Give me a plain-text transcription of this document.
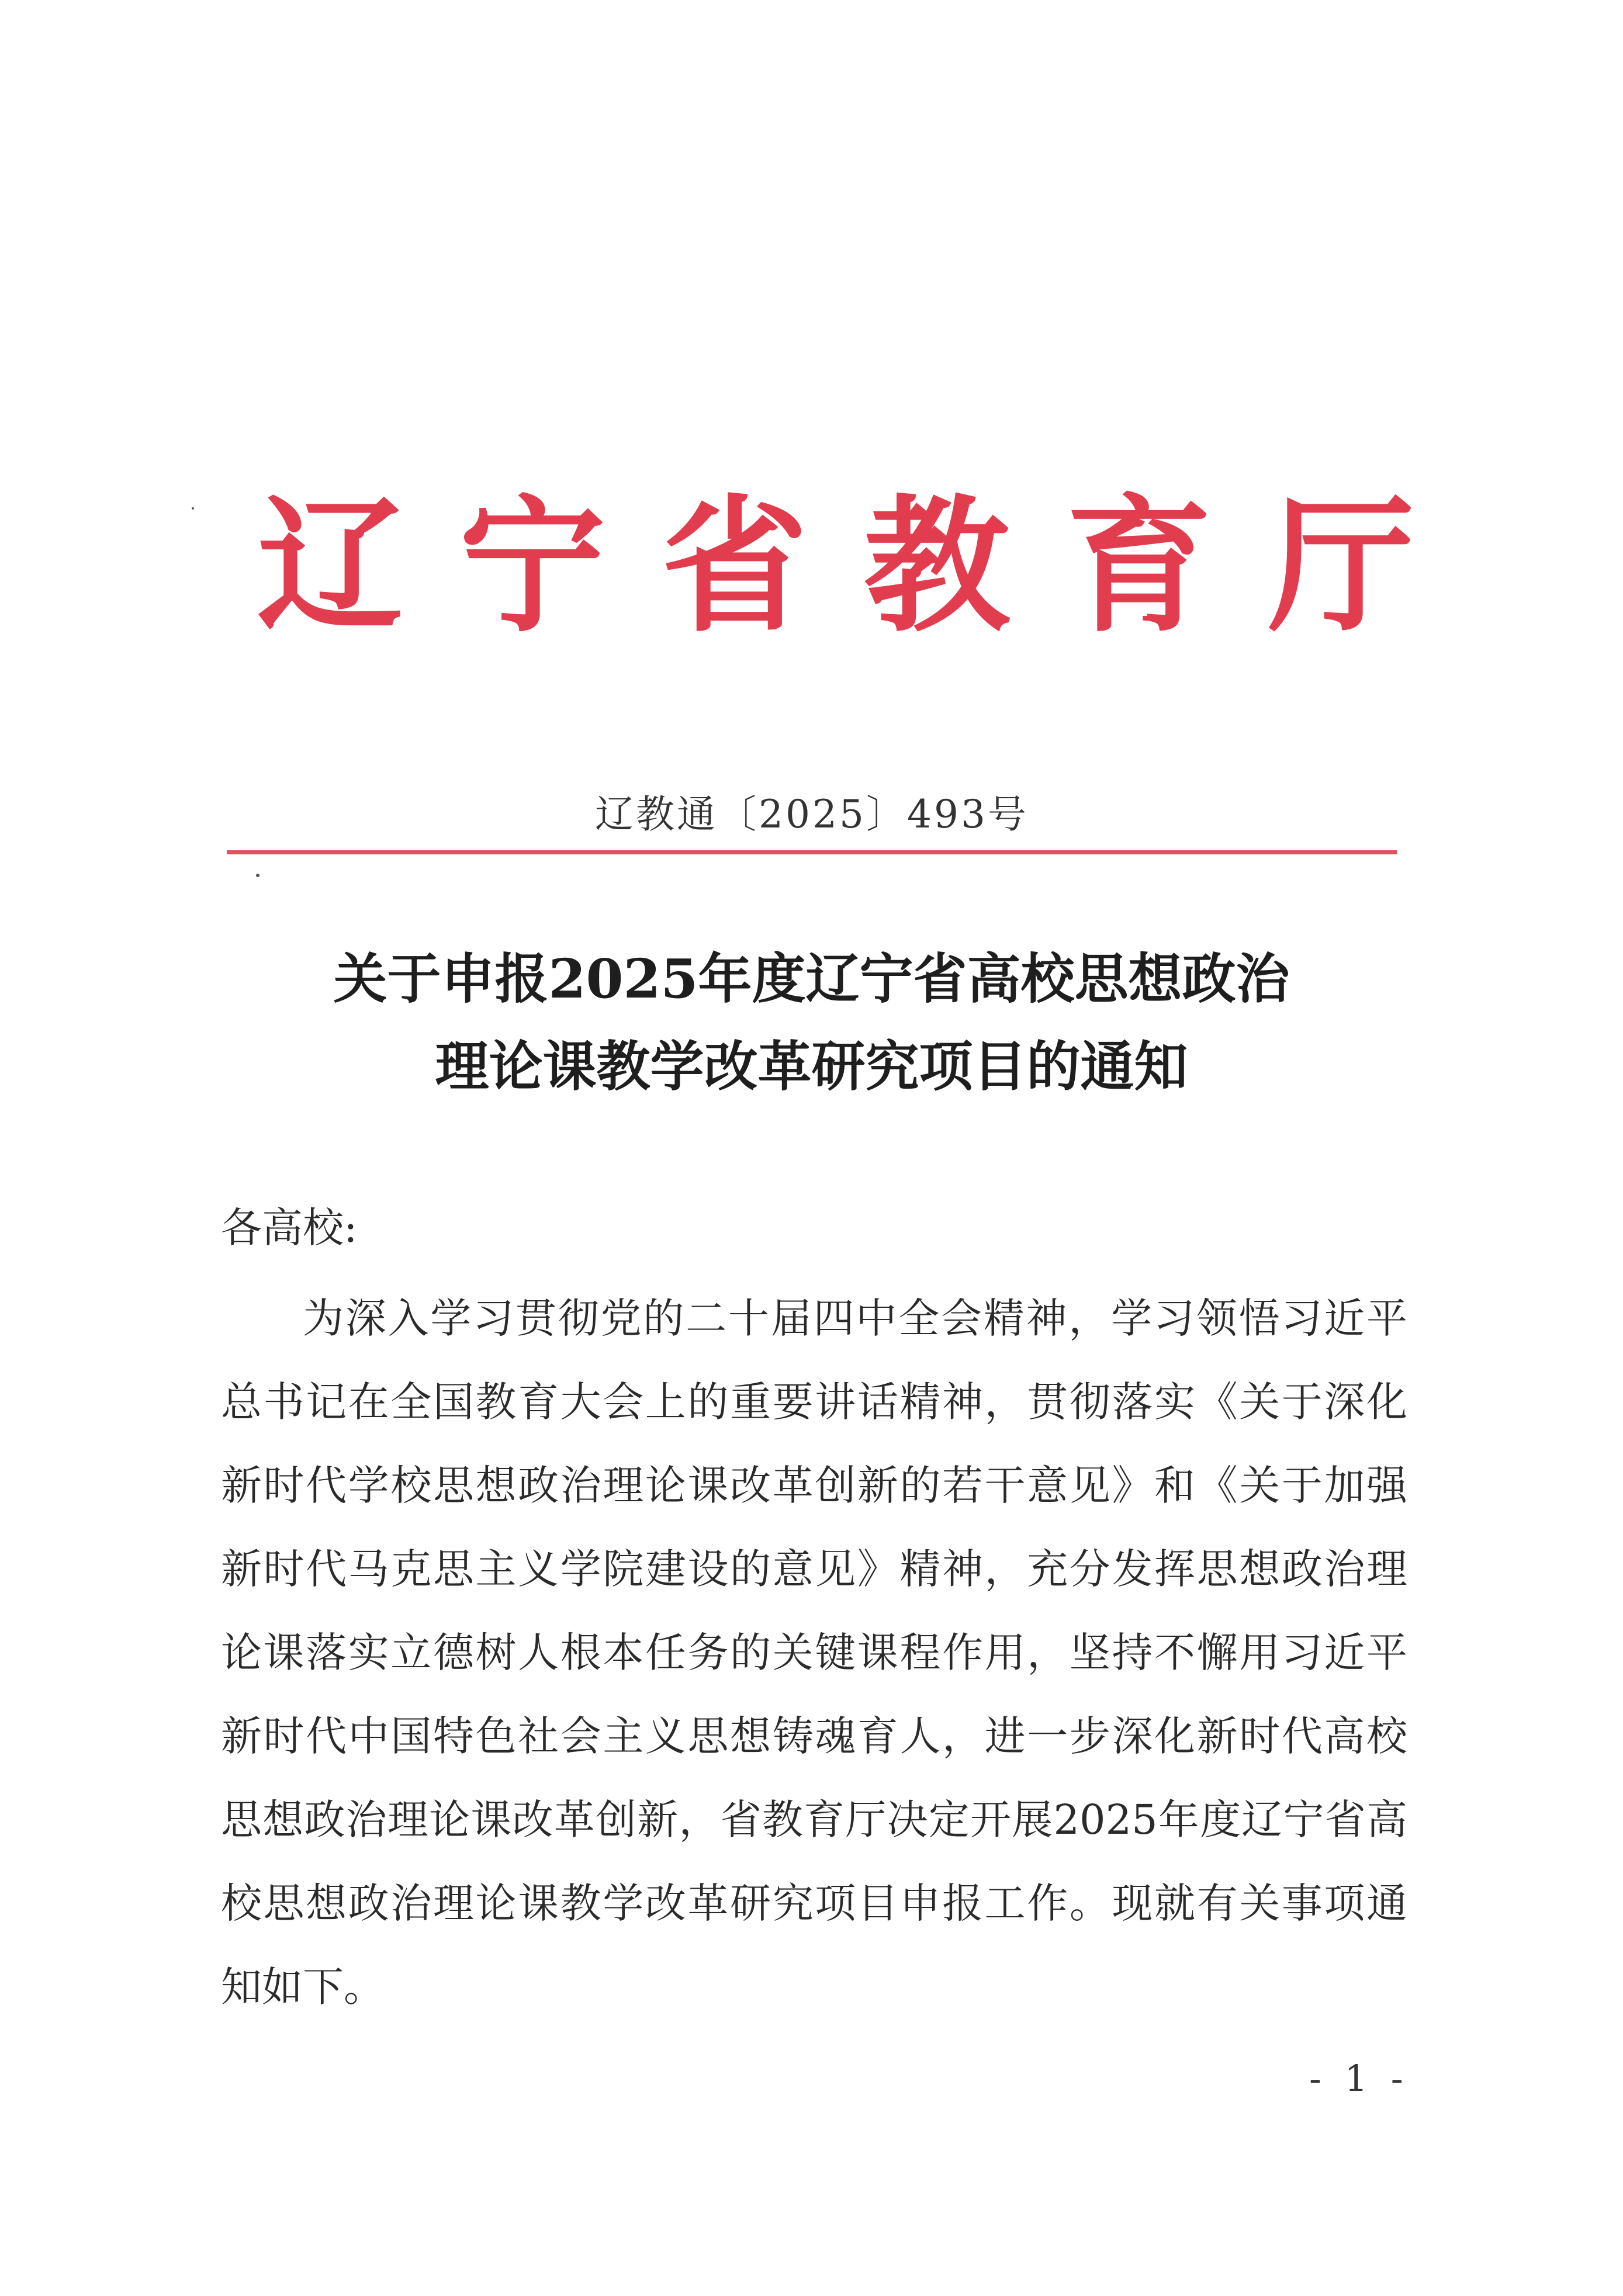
辽 宁 省 教 育 厅
辽教通〔2025〕493号
关于申报2025年度辽宁省高校思想政治
理论课教学改革研究项目的通知
各高校:
为深入学习贯彻党的二十届四中全会精神，学习领悟习近平
总书记在全国教育大会上的重要讲话精神，贯彻落实《关于深化
新时代学校思想政治理论课改革创新的若干意见》和《关于加强
新时代马克思主义学院建设的意见》精神，充分发挥思想政治理
论课落实立德树人根本任务的关键课程作用，坚持不懈用习近平
新时代中国特色社会主义思想铸魂育人，进一步深化新时代高校
思想政治理论课改革创新，省教育厅决定开展2025年度辽宁省高
校思想政治理论课教学改革研究项目申报工作。现就有关事项通
知如下。
- 1 -
